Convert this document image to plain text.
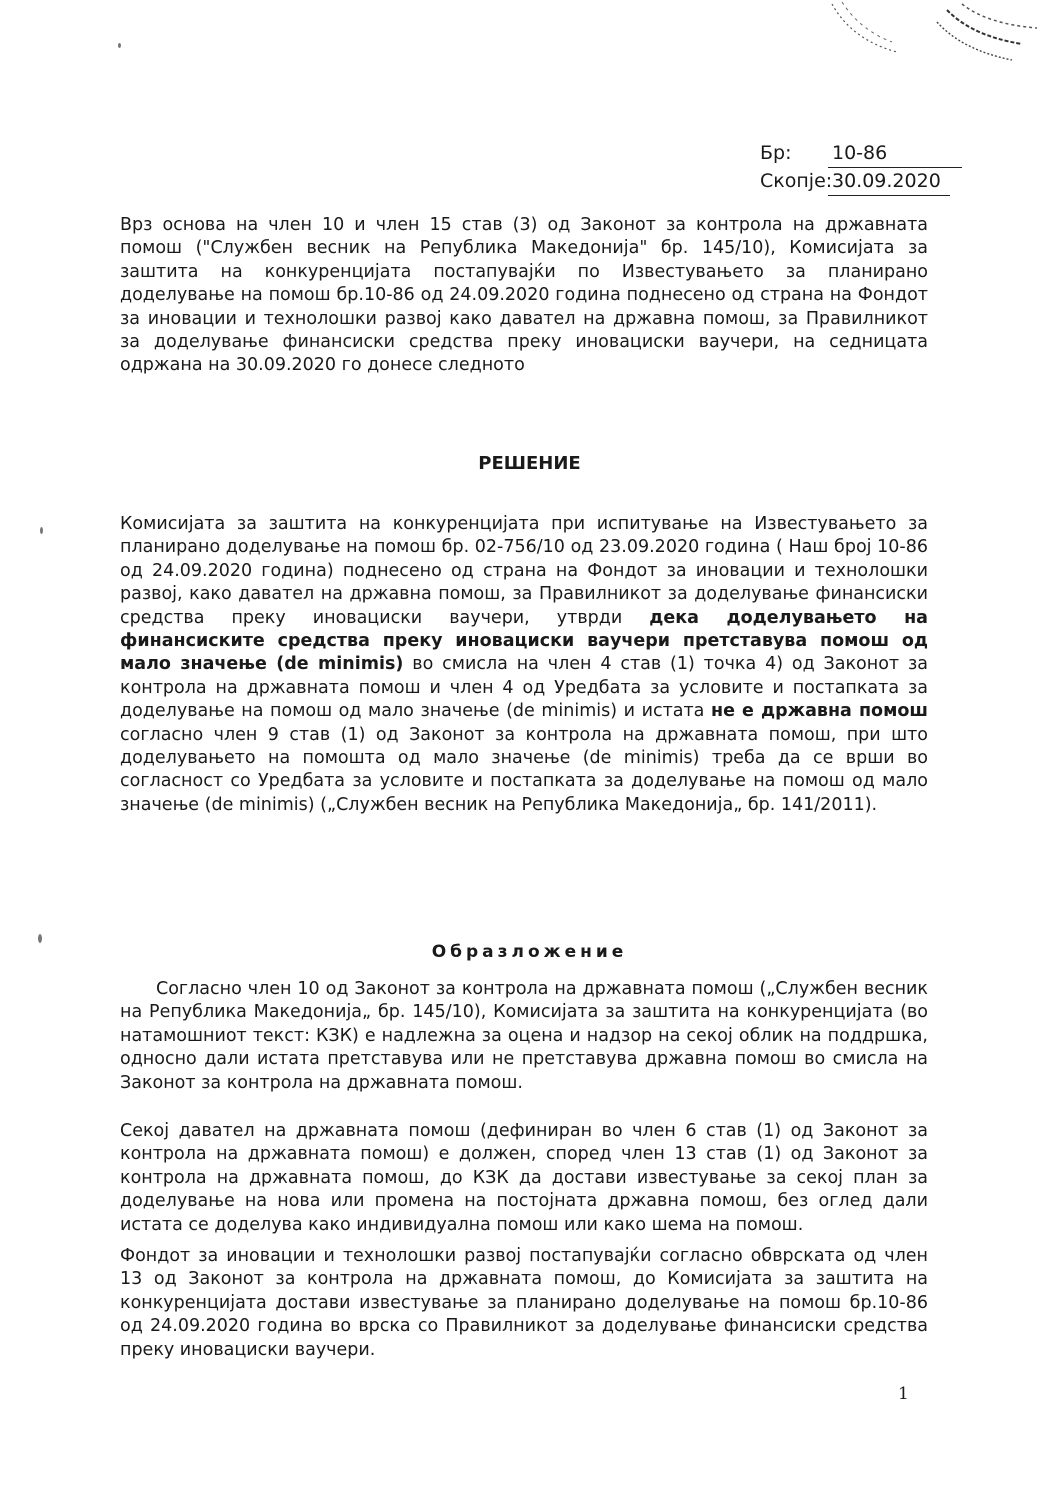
Бр:	10-86
Скопје: 30.09.2020

Врз основа на член 10 и член 15 став (3) од Законот за контрола на државната помош ("Службен весник на Република Македонија" бр. 145/10), Комисијата за заштита на конкуренцијата постапувајќи по Известувањето за планирано доделување на помош бр.10-86 од 24.09.2020 година поднесено од страна на Фондот за иновации и технолошки развој како давател на државна помош, за Правилникот за доделување финансиски средства преку иновациски ваучери, на седницата одржана на 30.09.2020 го донесе следното

РЕШЕНИЕ

Комисијата за заштита на конкуренцијата при испитување на Известувањето за планирано доделување на помош бр. 02-756/10 од 23.09.2020 година ( Наш број 10-86 од 24.09.2020 година) поднесено од страна на Фондот за иновации и технолошки развој, како давател на државна помош, за Правилникот за доделување финансиски средства преку иновациски ваучери, утврди дека доделувањето на финансиските средства преку иновациски ваучери претставува помош од мало значење (de minimis) во смисла на член 4 став (1) точка 4) од Законот за контрола на државната помош и член 4 од Уредбата за условите и постапката за доделување на помош од мало значење (de minimis) и истата не е државна помош согласно член 9 став (1) од Законот за контрола на државната помош, при што доделувањето на помошта од мало значење (de minimis) треба да се врши во согласност со Уредбата за условите и постапката за доделување на помош од мало значење (de minimis) („Службен весник на Република Македонија„ бр. 141/2011).

Образложение

Согласно член 10 од Законот за контрола на државната помош („Службен весник на Република Македонија„ бр. 145/10), Комисијата за заштита на конкуренцијата (во натамошниот текст: КЗК) е надлежна за оцена и надзор на секој облик на поддршка, односно дали истата претставува или не претставува државна помош во смисла на Законот за контрола на државната помош.

Секој давател на државната помош (дефиниран во член 6 став (1) од Законот за контрола на државната помош) е должен, според член 13 став (1) од Законот за контрола на државната помош, до КЗК да достави известување за секој план за доделување на нова или промена на постојната државна помош, без оглед дали истата се доделува како индивидуална помош или како шема на помош.

Фондот за иновации и технолошки развој постапувајќи согласно обврската од член 13 од Законот за контрола на државната помош, до Комисијата за заштита на конкуренцијата достави известување за планирано доделување на помош бр.10-86 од 24.09.2020 година во врска со Правилникот за доделување финансиски средства преку иновациски ваучери.

1
